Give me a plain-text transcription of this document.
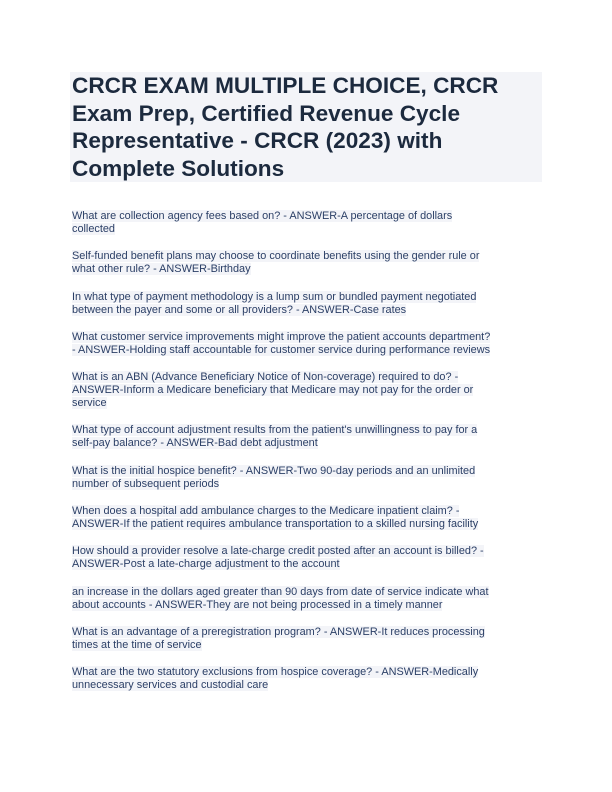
CRCR EXAM MULTIPLE CHOICE, CRCR
Exam Prep, Certified Revenue Cycle
Representative - CRCR (2023) with
Complete Solutions
What are collection agency fees based on? - ANSWER-A percentage of dollars
collected
Self-funded benefit plans may choose to coordinate benefits using the gender rule or
what other rule? - ANSWER-Birthday
In what type of payment methodology is a lump sum or bundled payment negotiated
between the payer and some or all providers? - ANSWER-Case rates
What customer service improvements might improve the patient accounts department?
- ANSWER-Holding staff accountable for customer service during performance reviews
What is an ABN (Advance Beneficiary Notice of Non-coverage) required to do? -
ANSWER-Inform a Medicare beneficiary that Medicare may not pay for the order or
service
What type of account adjustment results from the patient's unwillingness to pay for a
self-pay balance? - ANSWER-Bad debt adjustment
What is the initial hospice benefit? - ANSWER-Two 90-day periods and an unlimited
number of subsequent periods
When does a hospital add ambulance charges to the Medicare inpatient claim? -
ANSWER-If the patient requires ambulance transportation to a skilled nursing facility
How should a provider resolve a late-charge credit posted after an account is billed? -
ANSWER-Post a late-charge adjustment to the account
an increase in the dollars aged greater than 90 days from date of service indicate what
about accounts - ANSWER-They are not being processed in a timely manner
What is an advantage of a preregistration program? - ANSWER-It reduces processing
times at the time of service
What are the two statutory exclusions from hospice coverage? - ANSWER-Medically
unnecessary services and custodial care
